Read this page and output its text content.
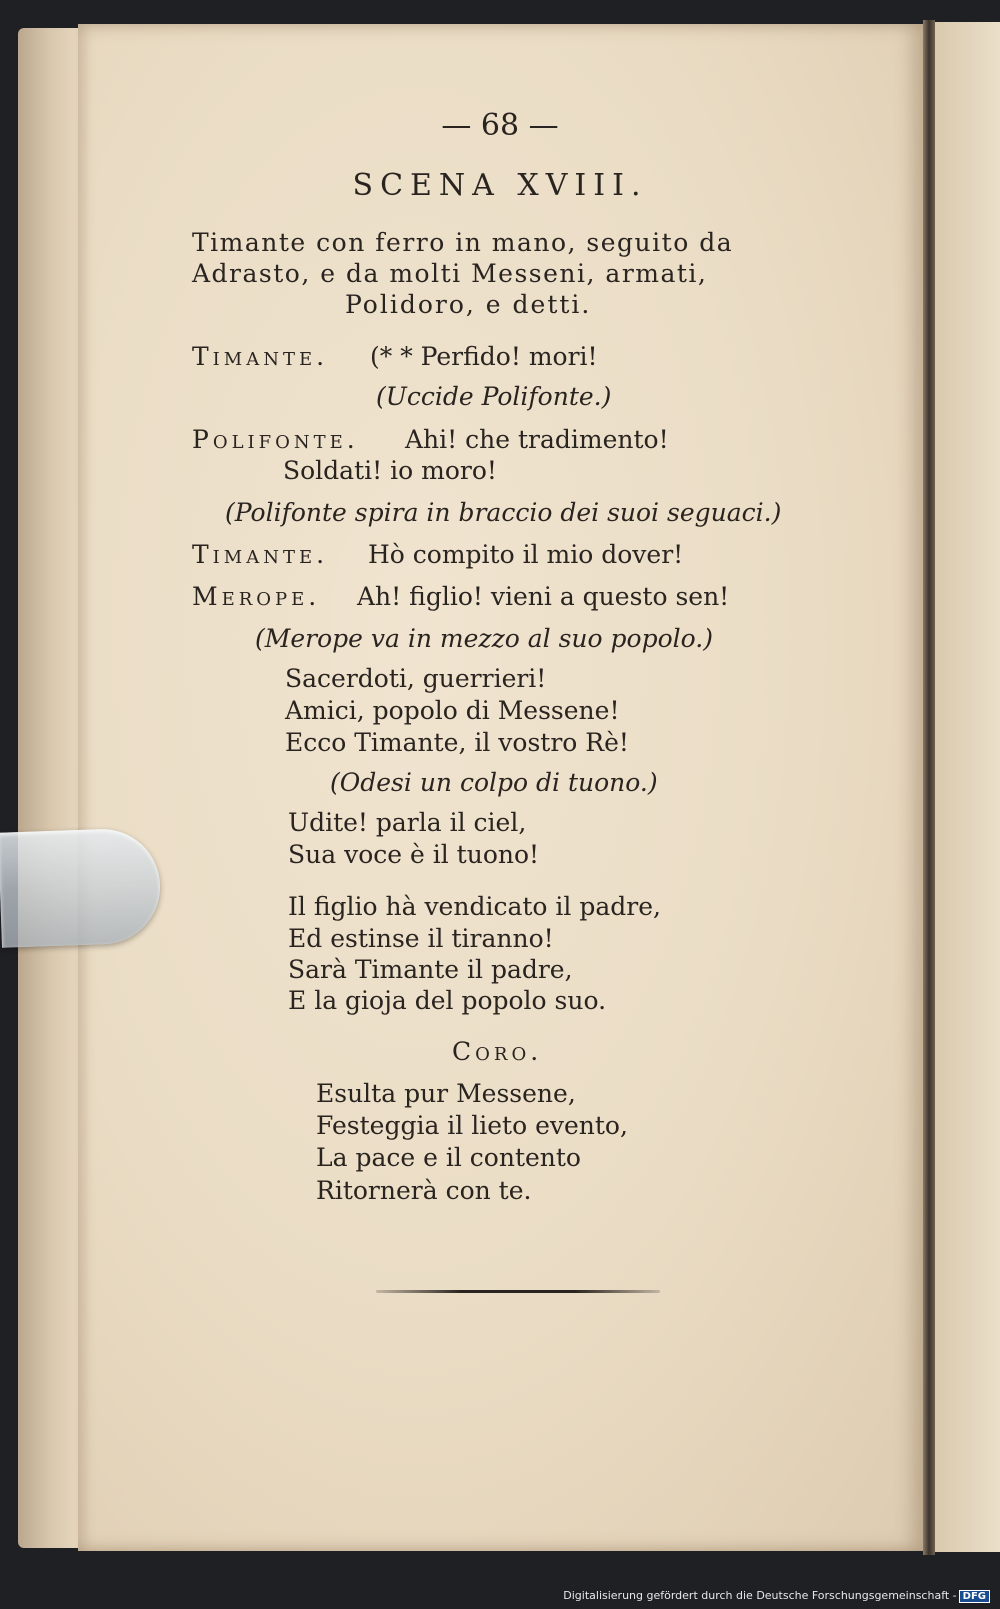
— 68 —
SCENA XVIII.
Timante con ferro in mano, seguito da
Adrasto, e da molti Messeni, armati,
Polidoro, e detti.
Timante. (* * Perfido! mori!
(Uccide Polifonte.)
Polifonte. Ahi! che tradimento!
Soldati! io moro!
(Polifonte spira in braccio dei suoi seguaci.)
Timante. Hò compito il mio dover!
Merope. Ah! figlio! vieni a questo sen!
(Merope va in mezzo al suo popolo.)
Sacerdoti, guerrieri!
Amici, popolo di Messene!
Ecco Timante, il vostro Rè!
(Odesi un colpo di tuono.)
Udite! parla il ciel,
Sua voce è il tuono!
Il figlio hà vendicato il padre,
Ed estinse il tiranno!
Sarà Timante il padre,
E la gioja del popolo suo.
Coro.
Esulta pur Messene,
Festeggia il lieto evento,
La pace e il contento
Ritornerà con te.
Digitalisierung gefördert durch die Deutsche Forschungsgemeinschaft - DFG
